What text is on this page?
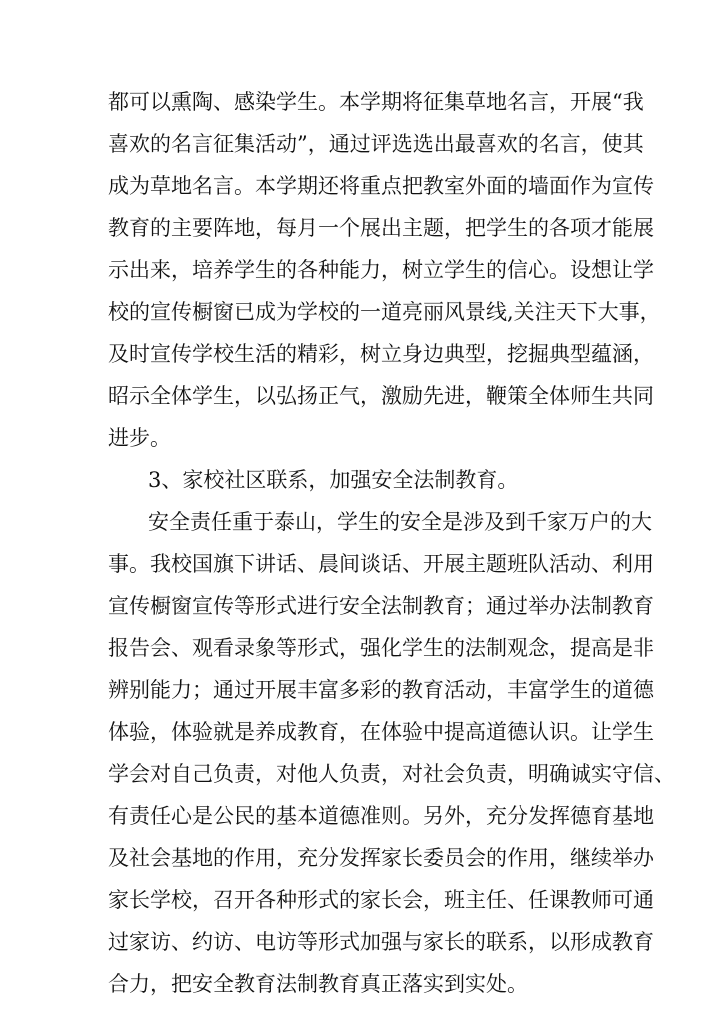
都可以熏陶、感染学生。本学期将征集草地名言，开展“我
喜欢的名言征集活动”，通过评选选出最喜欢的名言，使其
成为草地名言。本学期还将重点把教室外面的墙面作为宣传
教育的主要阵地，每月一个展出主题，把学生的各项才能展
示出来，培养学生的各种能力，树立学生的信心。设想让学
校的宣传橱窗已成为学校的一道亮丽风景线,关注天下大事，
及时宣传学校生活的精彩，树立身边典型，挖掘典型蕴涵，
昭示全体学生，以弘扬正气，激励先进，鞭策全体师生共同
进步。
3、家校社区联系，加强安全法制教育。
安全责任重于泰山，学生的安全是涉及到千家万户的大
事。我校国旗下讲话、晨间谈话、开展主题班队活动、利用
宣传橱窗宣传等形式进行安全法制教育；通过举办法制教育
报告会、观看录象等形式，强化学生的法制观念，提高是非
辨别能力；通过开展丰富多彩的教育活动，丰富学生的道德
体验，体验就是养成教育，在体验中提高道德认识。让学生
学会对自己负责，对他人负责，对社会负责，明确诚实守信、
有责任心是公民的基本道德准则。另外，充分发挥德育基地
及社会基地的作用，充分发挥家长委员会的作用，继续举办
家长学校，召开各种形式的家长会，班主任、任课教师可通
过家访、约访、电访等形式加强与家长的联系，以形成教育
合力，把安全教育法制教育真正落实到实处。
